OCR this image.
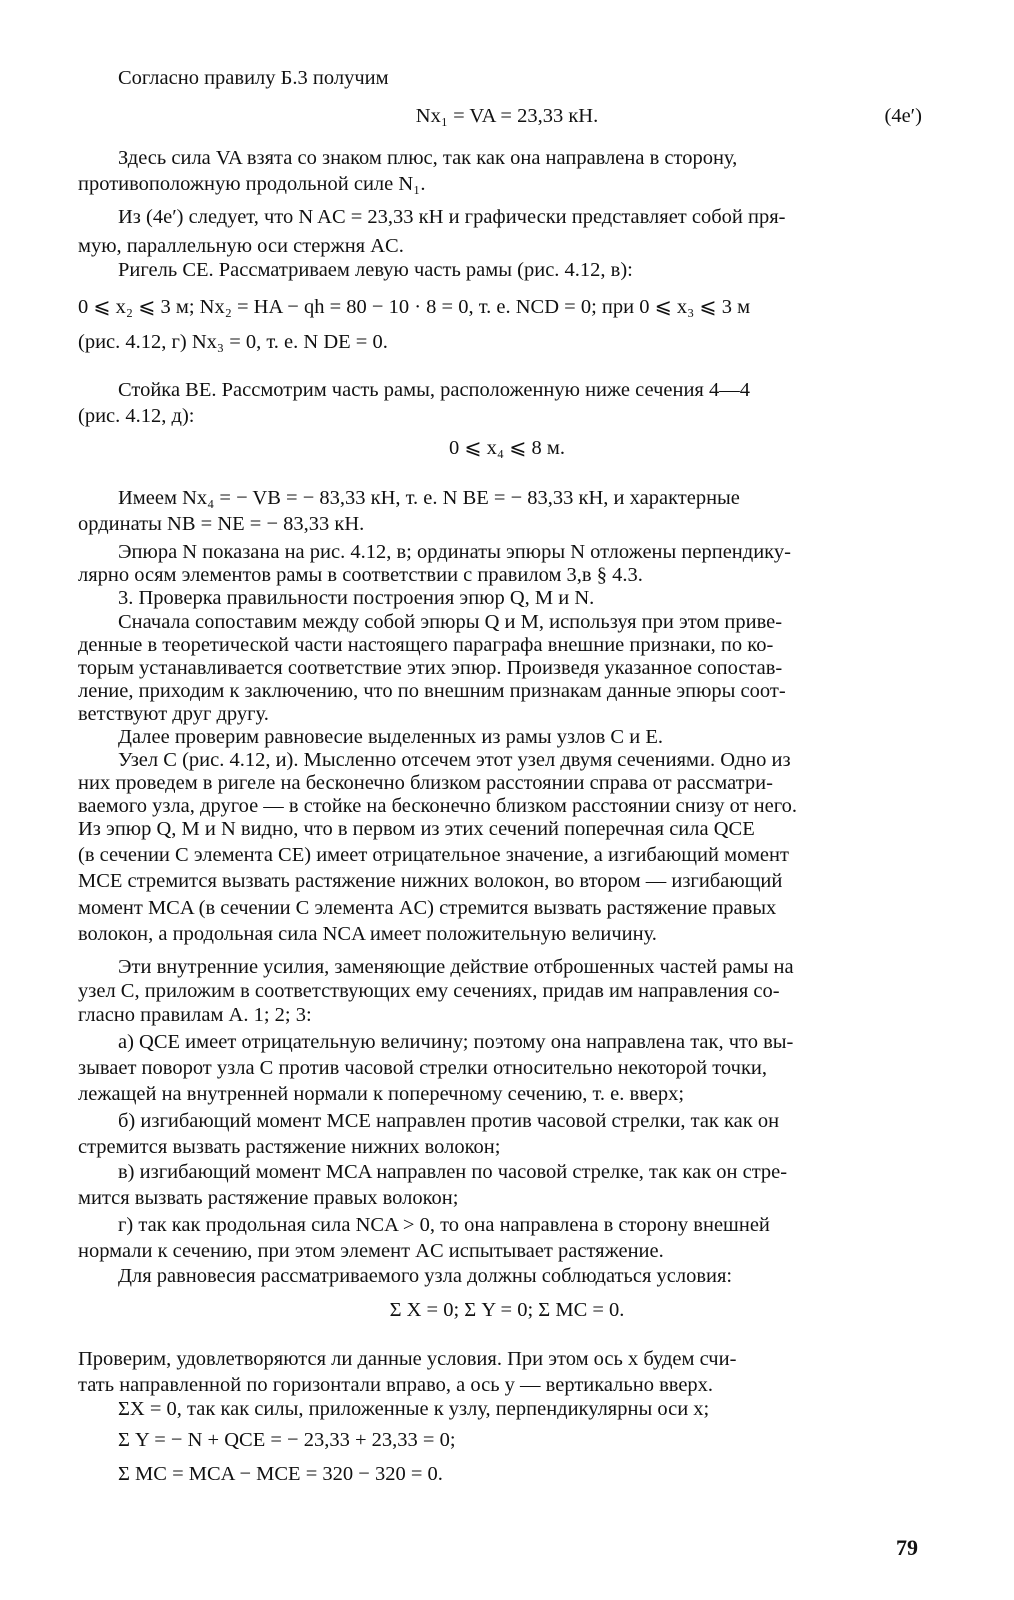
Согласно правилу Б.3 получим
Nx₁ = VA = 23,33 кН.	(4е′)
Здесь сила VA взята со знаком плюс, так как она направлена в сторону,
противоположную продольной силе N₁.
Из (4е′) следует, что N AC = 23,33 кН и графически представляет собой пря-
мую, параллельную оси стержня AC.
Ригель CE. Рассматриваем левую часть рамы (рис. 4.12, в):
0 ⩽ x₂ ⩽ 3 м; Nx₂ = HA − qh = 80 − 10 · 8 = 0, т. е. NCD = 0; при 0 ⩽ x₃ ⩽ 3 м
(рис. 4.12, г) Nx₃ = 0, т. е. N DE = 0.
Стойка BE. Рассмотрим часть рамы, расположенную ниже сечения 4—4
(рис. 4.12, д):
0 ⩽ x₄ ⩽ 8 м.
Имеем Nx₄ = − VB = − 83,33 кН, т. е. N BE = − 83,33 кН, и характерные
ординаты NB = NE = − 83,33 кН.
Эпюра N показана на рис. 4.12, в; ординаты эпюры N отложены перпендику-
лярно осям элементов рамы в соответствии с правилом 3,в § 4.3.
3. Проверка правильности построения эпюр Q, M и N.
Сначала сопоставим между собой эпюры Q и M, используя при этом приве-
денные в теоретической части настоящего параграфа внешние признаки, по ко-
торым устанавливается соответствие этих эпюр. Произведя указанное сопостав-
ление, приходим к заключению, что по внешним признакам данные эпюры соот-
ветствуют друг другу.
Далее проверим равновесие выделенных из рамы узлов C и E.
Узел C (рис. 4.12, и). Мысленно отсечем этот узел двумя сечениями. Одно из
них проведем в ригеле на бесконечно близком расстоянии справа от рассматри-
ваемого узла, другое — в стойке на бесконечно близком расстоянии снизу от него.
Из эпюр Q, M и N видно, что в первом из этих сечений поперечная сила QCE
(в сечении C элемента CE) имеет отрицательное значение, а изгибающий момент
MCE стремится вызвать растяжение нижних волокон, во втором — изгибающий
момент MCA (в сечении C элемента AC) стремится вызвать растяжение правых
волокон, а продольная сила NCA имеет положительную величину.
Эти внутренние усилия, заменяющие действие отброшенных частей рамы на
узел C, приложим в соответствующих ему сечениях, придав им направления со-
гласно правилам А. 1; 2; 3:
а) QCE имеет отрицательную величину; поэтому она направлена так, что вы-
зывает поворот узла C против часовой стрелки относительно некоторой точки,
лежащей на внутренней нормали к поперечному сечению, т. е. вверх;
б) изгибающий момент MCE направлен против часовой стрелки, так как он
стремится вызвать растяжение нижних волокон;
в) изгибающий момент MCA направлен по часовой стрелке, так как он стре-
мится вызвать растяжение правых волокон;
г) так как продольная сила NCA > 0, то она направлена в сторону внешней
нормали к сечению, при этом элемент AC испытывает растяжение.
Для равновесия рассматриваемого узла должны соблюдаться условия:
Σ X = 0; Σ Y = 0; Σ MC = 0.
Проверим, удовлетворяются ли данные условия. При этом ось x будем счи-
тать направленной по горизонтали вправо, а ось y — вертикально вверх.
ΣX = 0, так как силы, приложенные к узлу, перпендикулярны оси x;
Σ Y = − N + QCE = − 23,33 + 23,33 = 0;
Σ MC = MCA − MCE = 320 − 320 = 0.
79
